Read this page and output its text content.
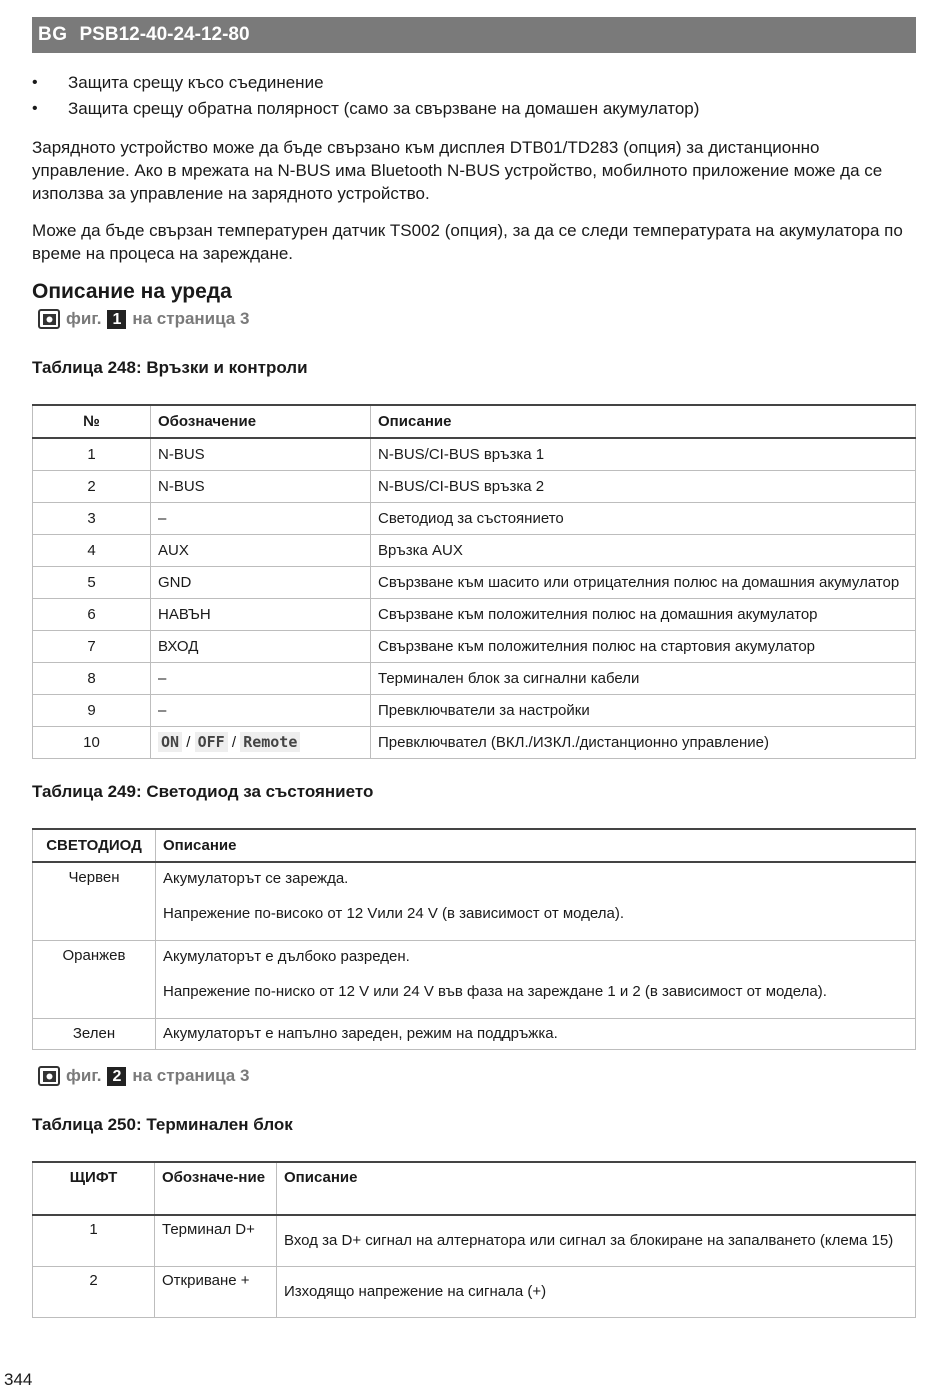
BG PSB12-40-24-12-80
•	Защита срещу късо съединение
•	Защита срещу обратна полярност (само за свързване на домашен акумулатор)
Зарядното устройство може да бъде свързано към дисплея DTB01/TD283 (опция) за дистанционно управление. Ако в мрежата на N-BUS има Bluetooth N-BUS устройство, мобилното приложение може да се използва за управление на зарядното устройство.
Може да бъде свързан температурен датчик TS002 (опция), за да се следи температурата на акумулатора по време на процеса на зареждане.
Описание на уреда
фиг. 1 на страница 3
Таблица 248: Връзки и контроли
№	Обозначение	Описание
1	N-BUS	N-BUS/CI-BUS връзка 1
2	N-BUS	N-BUS/CI-BUS връзка 2
3	–	Светодиод за състоянието
4	AUX	Връзка AUX
5	GND	Свързване към шасито или отрицателния полюс на домашния акумулатор
6	НАВЪН	Свързване към положителния полюс на домашния акумулатор
7	ВХОД	Свързване към положителния полюс на стартовия акумулатор
8	–	Терминален блок за сигнални кабели
9	–	Превключватели за настройки
10	ON / OFF / Remote	Превключвател (ВКЛ./ИЗКЛ./дистанционно управление)
Таблица 249: Светодиод за състоянието
СВЕТОДИОД	Описание
Червен	Акумулаторът се зарежда.

Напрежение по-високо от 12 Vили 24 V (в зависимост от модела).

Оранжев	Акумулаторът е дълбоко разреден.

Напрежение по-ниско от 12 V или 24 V във фаза на зареждане 1 и 2 (в зависимост от модела).

Зелен	Акумулаторът е напълно зареден, режим на поддръжка.
фиг. 2 на страница 3
Таблица 250: Терминален блок
ЩИФТ	Обозначе-ние	Описание
1	Терминал D+	Вход за D+ сигнал на алтернатора или сигнал за блокиране на запалването (клема 15)
2	Откриване +	Изходящо напрежение на сигнала (+)
344
